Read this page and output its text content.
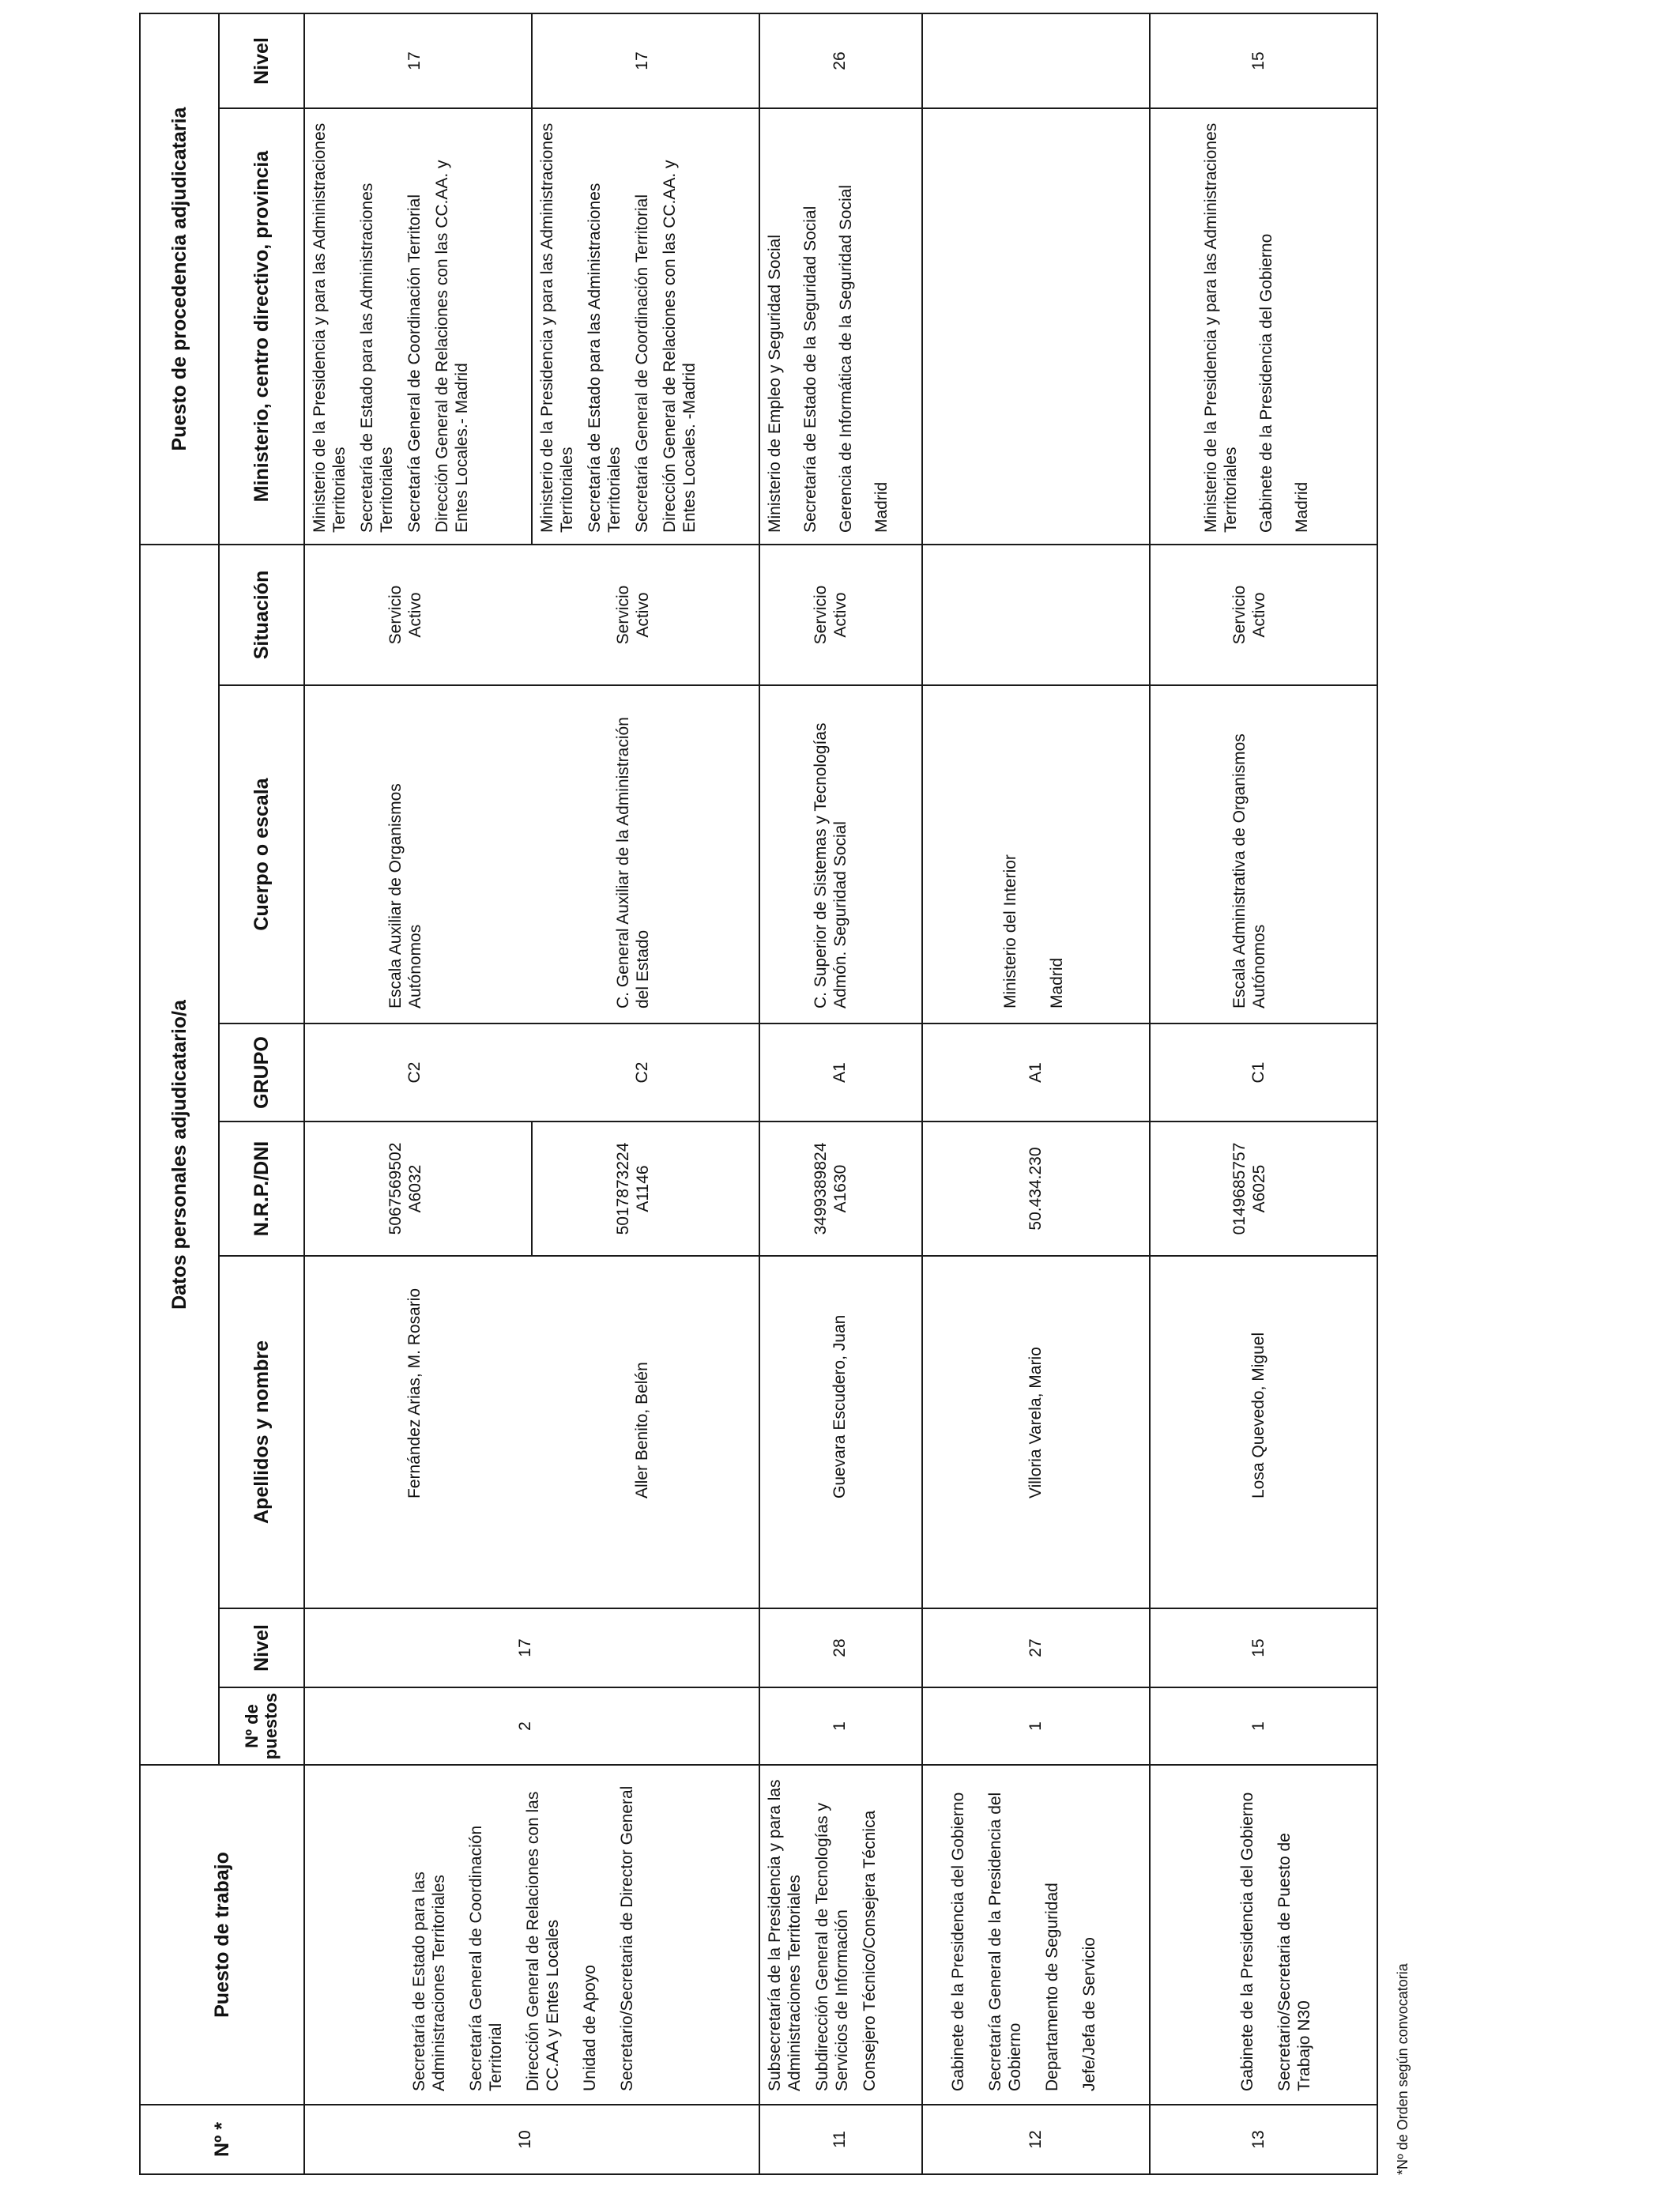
Nº *
Puesto de trabajo
Nº de puestos
Nivel
Datos personales adjudicatario/a
Apellidos y nombre
N.R.P./DNI
GRUPO
Cuerpo o escala
Situación
Puesto de procedencia adjudicataria	Ministerio, centro directivo, provincia
Nivel
10

Secretaría de Estado para las Administraciones Territoriales Secretaría General de Coordinación Territorial Dirección General de Relaciones con las CC.AA y Entes Locales Unidad de Apoyo Secretario/Secretaria de Director General

2
17
Fernández Arias, M. Rosario
5067569502
A6032
C2
Escala Auxiliar de Organismos Autónomos
Servicio Activo

Ministerio de la Presidencia y para las Administraciones Territoriales Secretaría de Estado para las Administraciones Territoriales Secretaría General de Coordinación Territorial Dirección General de Relaciones con las CC.AA. y Entes Locales.- Madrid

17
Aller Benito, Belén
5017873224
A1146
C2
C. General Auxiliar de la Administración del Estado
Servicio Activo

Ministerio de la Presidencia y para las Administraciones Territoriales Secretaría de Estado para las Administraciones Territoriales Secretaría General de Coordinación Territorial Dirección General de Relaciones con las CC.AA. y Entes Locales. -Madrid

17
11

Subsecretaría de la Presidencia y para las Administraciones Territoriales Subdirección General de Tecnologías y Servicios de Información Consejero Técnico/Consejera Técnica

1
28
Guevara Escudero, Juan
3499389824
A1630
A1
C. Superior de Sistemas y Tecnologías Admón. Seguridad Social
Servicio Activo

Ministerio de Empleo y Seguridad Social Secretaría de Estado de la Seguridad Social Gerencia de Informática de la Seguridad Social Madrid

26
12

Gabinete de la Presidencia del Gobierno Secretaría General de la Presidencia del Gobierno Departamento de Seguridad Jefe/Jefa de Servicio

1
27
Villoria Varela, Mario
50.434.230
A1

Ministerio del Interior Madrid

13

Gabinete de la Presidencia del Gobierno Secretario/Secretaria de Puesto de Trabajo N30

1
15
Losa Quevedo, Miguel
0149685757
A6025
C1
Escala Administrativa de Organismos Autónomos
Servicio Activo

Ministerio de la Presidencia y para las Administraciones Territoriales Gabinete de la Presidencia del Gobierno Madrid

15
*Nº de Orden según convocatoria
